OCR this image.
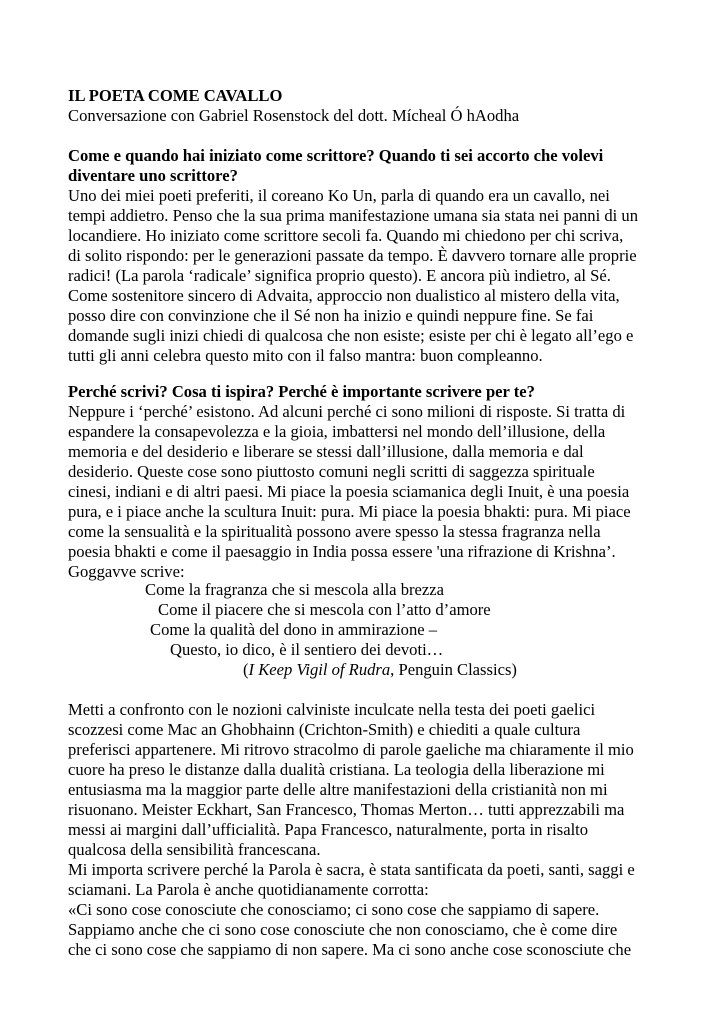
IL POETA COME CAVALLO
Conversazione con Gabriel Rosenstock del dott. Mícheal Ó hAodha
Come e quando hai iniziato come scrittore? Quando ti sei accorto che volevi
diventare uno scrittore?
Uno dei miei poeti preferiti, il coreano Ko Un, parla di quando era un cavallo, nei
tempi addietro. Penso che la sua prima manifestazione umana sia stata nei panni di un
locandiere. Ho iniziato come scrittore secoli fa. Quando mi chiedono per chi scriva,
di solito rispondo: per le generazioni passate da tempo. È davvero tornare alle proprie
radici! (La parola ‘radicale’ significa proprio questo). E ancora più indietro, al Sé.
Come sostenitore sincero di Advaita, approccio non dualistico al mistero della vita,
posso dire con convinzione che il Sé non ha inizio e quindi neppure fine. Se fai
domande sugli inizi chiedi di qualcosa che non esiste; esiste per chi è legato all’ego e
tutti gli anni celebra questo mito con il falso mantra: buon compleanno.
Perché scrivi? Cosa ti ispira? Perché è importante scrivere per te?
Neppure i ‘perché’ esistono. Ad alcuni perché ci sono milioni di risposte. Si tratta di
espandere la consapevolezza e la gioia, imbattersi nel mondo dell’illusione, della
memoria e del desiderio e liberare se stessi dall’illusione, dalla memoria e dal
desiderio. Queste cose sono piuttosto comuni negli scritti di saggezza spirituale
cinesi, indiani e di altri paesi. Mi piace la poesia sciamanica degli Inuit, è una poesia
pura, e i piace anche la scultura Inuit: pura. Mi piace la poesia bhakti: pura. Mi piace
come la sensualità e la spiritualità possono avere spesso la stessa fragranza nella
poesia bhakti e come il paesaggio in India possa essere 'una rifrazione di Krishna’.
Goggavve scrive:
Come la fragranza che si mescola alla brezza
Come il piacere che si mescola con l’atto d’amore
Come la qualità del dono in ammirazione –
Questo, io dico, è il sentiero dei devoti…
(I Keep Vigil of Rudra, Penguin Classics)
Metti a confronto con le nozioni calviniste inculcate nella testa dei poeti gaelici
scozzesi come Mac an Ghobhainn (Crichton-Smith) e chiediti a quale cultura
preferisci appartenere. Mi ritrovo stracolmo di parole gaeliche ma chiaramente il mio
cuore ha preso le distanze dalla dualità cristiana. La teologia della liberazione mi
entusiasma ma la maggior parte delle altre manifestazioni della cristianità non mi
risuonano. Meister Eckhart, San Francesco, Thomas Merton… tutti apprezzabili ma
messi ai margini dall’ufficialità. Papa Francesco, naturalmente, porta in risalto
qualcosa della sensibilità francescana.
Mi importa scrivere perché la Parola è sacra, è stata santificata da poeti, santi, saggi e
sciamani. La Parola è anche quotidianamente corrotta:
«Ci sono cose conosciute che conosciamo; ci sono cose che sappiamo di sapere.
Sappiamo anche che ci sono cose conosciute che non conosciamo, che è come dire
che ci sono cose che sappiamo di non sapere. Ma ci sono anche cose sconosciute che
